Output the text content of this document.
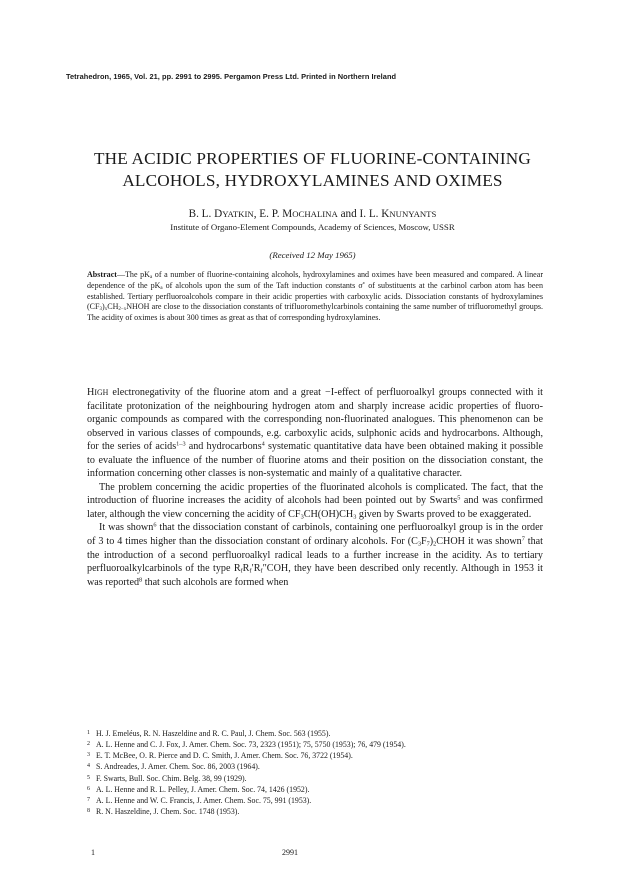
Tetrahedron, 1965, Vol. 21, pp. 2991 to 2995. Pergamon Press Ltd. Printed in Northern Ireland
THE ACIDIC PROPERTIES OF FLUORINE-CONTAINING
ALCOHOLS, HYDROXYLAMINES AND OXIMES
B. L. DYATKIN, E. P. MOCHALINA and I. L. KNUNYANTS
Institute of Organo-Element Compounds, Academy of Sciences, Moscow, USSR
(Received 12 May 1965)
Abstract—The $pK_a$ of a number of fluorine-containing alcohols, hydroxylamines and oximes have been measured and compared. A linear dependence of the $pK_a$ of alcohols upon the sum of the Taft induction constants σ* of substituents at the carbinol carbon atom has been established. Tertiary perfluoroalcohols compare in their acidic properties with carboxylic acids. Dissociation constants of hydroxylamines $(CF_3)_xCH_{2-x}NHOH$ are close to the dissociation constants of trifluoromethylcarbinols containing the same number of trifluoromethyl groups. The acidity of oximes is about 300 times as great as that of corresponding hydroxylamines.

HIGH electronegativity of the fluorine atom and a great −I-effect of perfluoroalkyl groups connected with it facilitate protonization of the neighbouring hydrogen atom and sharply increase acidic properties of fluoro-organic compounds as compared with the corresponding non-fluorinated analogues. This phenomenon can be observed in various classes of compounds, e.g. carboxylic acids, sulphonic acids and hydrocarbons. Although, for the series of acids$^{1-3}$ and hydrocarbons$^4$ systematic quantitative data have been obtained making it possible to evaluate the influence of the number of fluorine atoms and their position on the dissociation constant, the information concerning other classes is non-systematic and mainly of a qualitative character.

The problem concerning the acidic properties of the fluorinated alcohols is complicated. The fact, that the introduction of fluorine increases the acidity of alcohols had been pointed out by Swarts$^5$ and was confirmed later, although the view concerning the acidity of $CF_3CH(OH)CH_3$ given by Swarts proved to be exaggerated.

It was shown$^6$ that the dissociation constant of carbinols, containing one perfluoroalkyl group is in the order of 3 to 4 times higher than the dissociation constant of ordinary alcohols. For $(C_3F_7)_2CHOH$ it was shown$^7$ that the introduction of a second perfluoroalkyl radical leads to a further increase in the acidity. As to tertiary perfluoroalkylcarbinols of the type $R_fR_f'R_f''COH$, they have been described only recently. Although in 1953 it was reported$^8$ that such alcohols are formed when

1 H. J. Emeléus, R. N. Haszeldine and R. C. Paul, J. Chem. Soc. 563 (1955).
2 A. L. Henne and C. J. Fox, J. Amer. Chem. Soc. 73, 2323 (1951); 75, 5750 (1953); 76, 479 (1954).
3 E. T. McBee, O. R. Pierce and D. C. Smith, J. Amer. Chem. Soc. 76, 3722 (1954).
4 S. Andreades, J. Amer. Chem. Soc. 86, 2003 (1964).
5 F. Swarts, Bull. Soc. Chim. Belg. 38, 99 (1929).
6 A. L. Henne and R. L. Pelley, J. Amer. Chem. Soc. 74, 1426 (1952).
7 A. L. Henne and W. C. Francis, J. Amer. Chem. Soc. 75, 991 (1953).
8 R. N. Haszeldine, J. Chem. Soc. 1748 (1953).
1	2991
